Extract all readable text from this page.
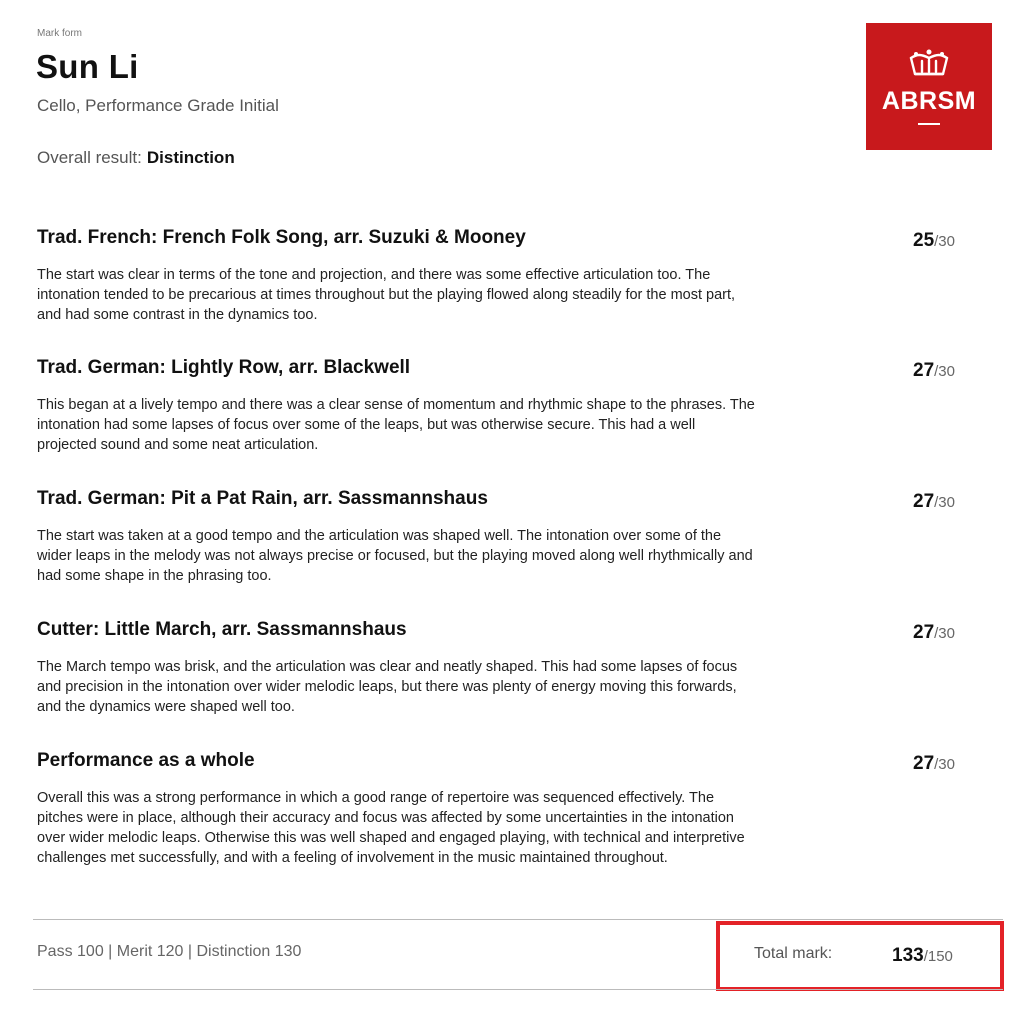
Mark form
Sun Li
Cello, Performance Grade Initial
Overall result: Distinction
ABRSM
Trad. French: French Folk Song, arr. Suzuki & Mooney	25/30
The start was clear in terms of the tone and projection, and there was some effective articulation too. The intonation tended to be precarious at times throughout but the playing flowed along steadily for the most part, and had some contrast in the dynamics too.
Trad. German: Lightly Row, arr. Blackwell	27/30
This began at a lively tempo and there was a clear sense of momentum and rhythmic shape to the phrases. The intonation had some lapses of focus over some of the leaps, but was otherwise secure. This had a well projected sound and some neat articulation.
Trad. German: Pit a Pat Rain, arr. Sassmannshaus	27/30
The start was taken at a good tempo and the articulation was shaped well. The intonation over some of the wider leaps in the melody was not always precise or focused, but the playing moved along well rhythmically and had some shape in the phrasing too.
Cutter: Little March, arr. Sassmannshaus	27/30
The March tempo was brisk, and the articulation was clear and neatly shaped. This had some lapses of focus and precision in the intonation over wider melodic leaps, but there was plenty of energy moving this forwards, and the dynamics were shaped well too.
Performance as a whole	27/30
Overall this was a strong performance in which a good range of repertoire was sequenced effectively. The pitches were in place, although their accuracy and focus was affected by some uncertainties in the intonation over wider melodic leaps. Otherwise this was well shaped and engaged playing, with technical and interpretive challenges met successfully, and with a feeling of involvement in the music maintained throughout.
Pass 100 | Merit 120 | Distinction 130	Total mark:	133/150
